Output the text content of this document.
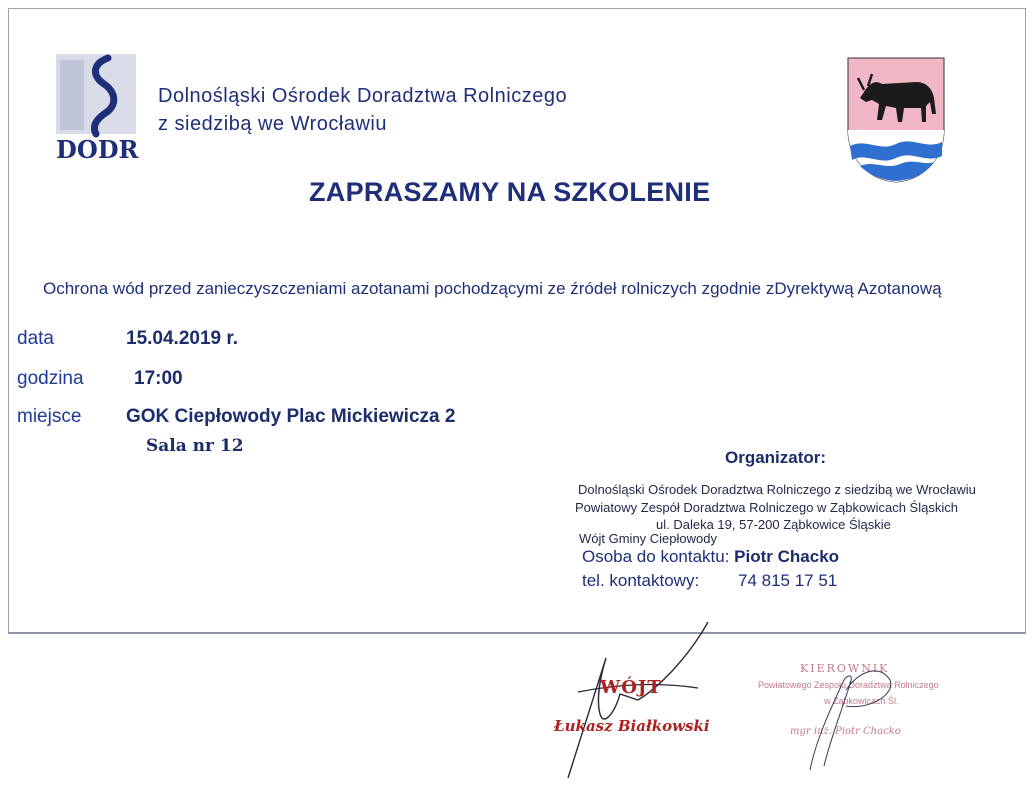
DODR
Dolnośląski Ośrodek Doradztwa Rolniczego
z siedzibą we Wrocławiu
ZAPRASZAMY NA SZKOLENIE
Ochrona wód przed zanieczyszczeniami azotanami pochodzącymi ze źródeł rolniczych zgodnie zDyrektywą Azotanową
data	15.04.2019 r.
godzina	17:00
miejsce GOK Ciepłowody Plac Mickiewicza 2
Sala nr 12
Organizator:
Dolnośląski Ośrodek Doradztwa Rolniczego z siedzibą we Wrocławiu
Powiatowy Zespół Doradztwa Rolniczego w Ząbkowicach Śląskich
ul. Daleka 19, 57-200 Ząbkowice Śląskie
Wójt Gminy Ciepłowody
Osoba do kontaktu: Piotr Chacko
tel. kontaktowy: 74 815 17 51
WÓJT
Łukasz Białkowski
KIEROWNIK
Powiatowego Zespołu Doradztwa Rolniczego
w Ząbkowicach Śl.
mgr inż. Piotr Chacko
